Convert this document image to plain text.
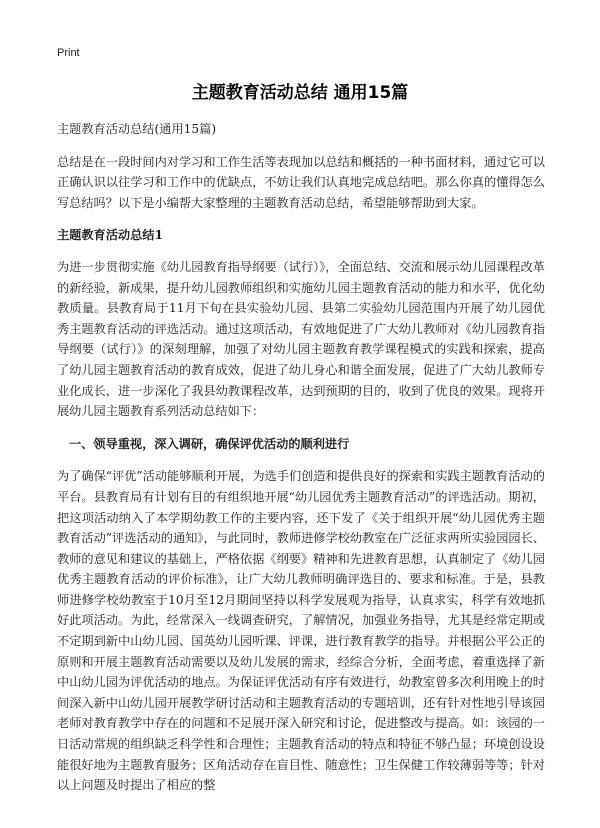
Print
主题教育活动总结 通用15篇

主题教育活动总结(通用15篇)

总结是在一段时间内对学习和工作生活等表现加以总结和概括的一种书面材料，通过它可以正确认识以往学习和工作中的优缺点，不妨让我们认真地完成总结吧。那么你真的懂得怎么写总结吗？以下是小编帮大家整理的主题教育活动总结，希望能够帮助到大家。

主题教育活动总结1

为进一步贯彻实施《幼儿园教育指导纲要（试行）》，全面总结、交流和展示幼儿园课程改革的新经验，新成果，提升幼儿园教师组织和实施幼儿园主题教育活动的能力和水平，优化幼教质量。县教育局于11月下旬在县实验幼儿园、县第二实验幼儿园范围内开展了幼儿园优秀主题教育活动的评选活动。通过这项活动，有效地促进了广大幼儿教师对《幼儿园教育指导纲要（试行）》的深刻理解，加强了对幼儿园主题教育教学课程模式的实践和探索，提高了幼儿园主题教育活动的教育成效，促进了幼儿身心和谐全面发展，促进了广大幼儿教师专业化成长，进一步深化了我县幼教课程改革，达到预期的目的，收到了优良的效果。现将开展幼儿园主题教育系列活动总结如下：

一、领导重视，深入调研，确保评优活动的顺利进行

为了确保“评优”活动能够顺利开展，为选手们创造和提供良好的探索和实践主题教育活动的平台。县教育局有计划有目的有组织地开展“幼儿园优秀主题教育活动”的评选活动。期初，把这项活动纳入了本学期幼教工作的主要内容，还下发了《关于组织开展“幼儿园优秀主题教育活动”评选活动的通知》，与此同时，教师进修学校幼教室在广泛征求两所实验园园长、教师的意见和建议的基础上，严格依据《纲要》精神和先进教育思想，认真制定了《幼儿园优秀主题教育活动的评价标准》，让广大幼儿教师明确评选目的、要求和标准。于是，县教师进修学校幼教室于10月至12月期间坚持以科学发展观为指导，认真求实，科学有效地抓好此项活动。为此，经常深入一线调查研究，了解情况，加强业务指导，尤其是经常定期或不定期到新中山幼儿园、国英幼儿园听课、评课，进行教育教学的指导。并根据公平公正的原则和开展主题教育活动需要以及幼儿发展的需求，经综合分析，全面考虑，着重选择了新中山幼儿园为评优活动的地点。为保证评优活动有序有效进行，幼教室曾多次利用晚上的时间深入新中山幼儿园开展教学研讨活动和主题教育活动的专题培训，还有针对性地引导该园老师对教育教学中存在的问题和不足展开深入研究和讨论，促进整改与提高。如：该园的一日活动常规的组织缺乏科学性和合理性；主题教育活动的特点和特征不够凸显；环境创设设能很好地为主题教育服务；区角活动存在盲目性、随意性；卫生保健工作较薄弱等等；针对以上问题及时提出了相应的整
